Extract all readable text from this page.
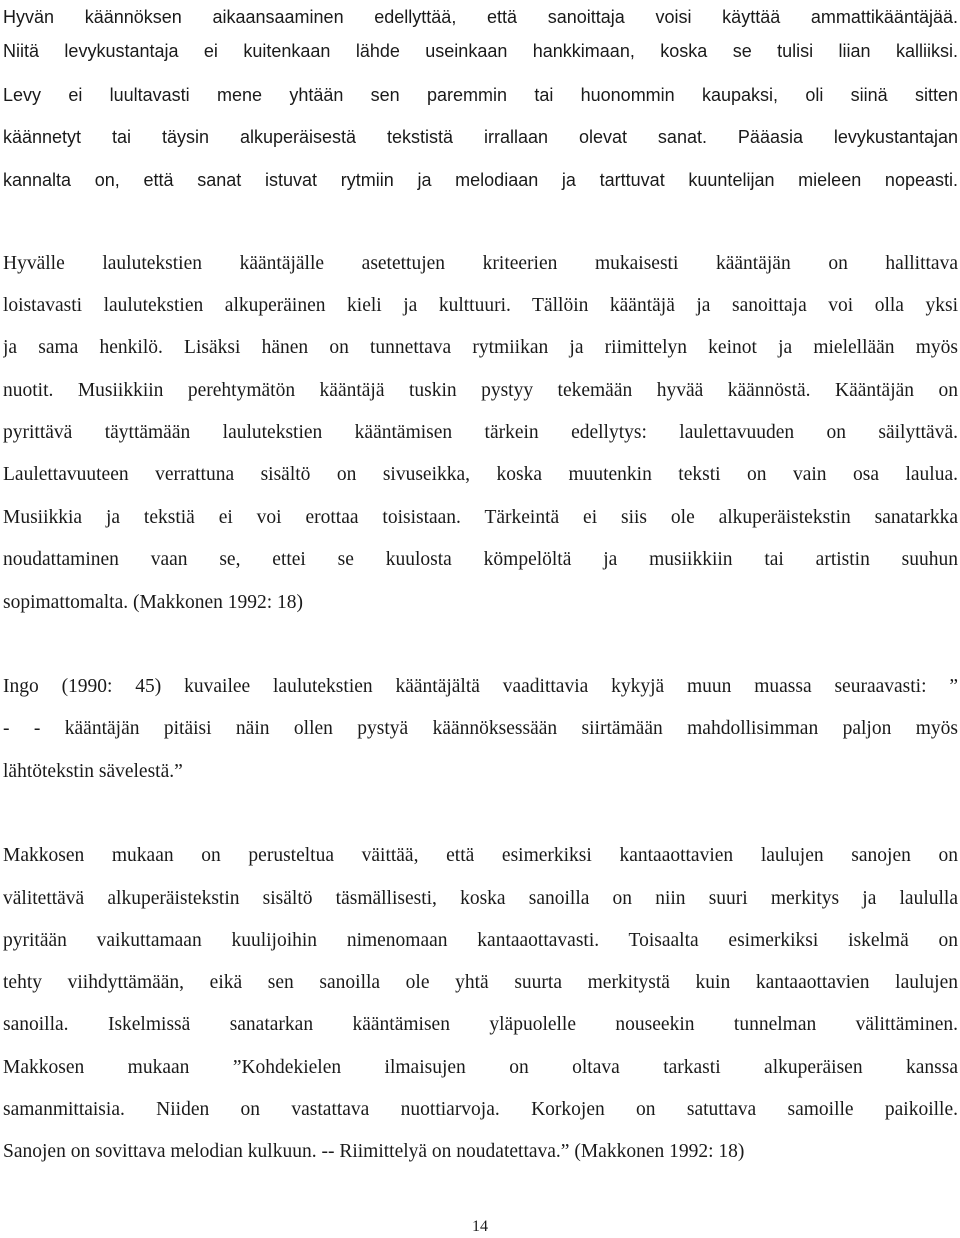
Hyvän käännöksen aikaansaaminen edellyttää, että sanoittaja voisi käyttää ammattikääntäjää.
Niitä levykustantaja ei kuitenkaan lähde useinkaan hankkimaan, koska se tulisi liian kalliiksi.
Levy ei luultavasti mene yhtään sen paremmin tai huonommin kaupaksi, oli siinä sitten
käännetyt tai täysin alkuperäisestä tekstistä irrallaan olevat sanat. Pääasia levykustantajan
kannalta on, että sanat istuvat rytmiin ja melodiaan ja tarttuvat kuuntelijan mieleen nopeasti.
Hyvälle laulutekstien kääntäjälle asetettujen kriteerien mukaisesti kääntäjän on hallittava
loistavasti laulutekstien alkuperäinen kieli ja kulttuuri. Tällöin kääntäjä ja sanoittaja voi olla yksi
ja sama henkilö. Lisäksi hänen on tunnettava rytmiikan ja riimittelyn keinot ja mielellään myös
nuotit. Musiikkiin perehtymätön kääntäjä tuskin pystyy tekemään hyvää käännöstä. Kääntäjän on
pyrittävä täyttämään laulutekstien kääntämisen tärkein edellytys: laulettavuuden on säilyttävä.
Laulettavuuteen verrattuna sisältö on sivuseikka, koska muutenkin teksti on vain osa laulua.
Musiikkia ja tekstiä ei voi erottaa toisistaan. Tärkeintä ei siis ole alkuperäistekstin sanatarkka
noudattaminen vaan se, ettei se kuulosta kömpelöltä ja musiikkiin tai artistin suuhun
sopimattomalta. (Makkonen 1992: 18)
Ingo (1990: 45) kuvailee laulutekstien kääntäjältä vaadittavia kykyjä muun muassa seuraavasti: ”
- - kääntäjän pitäisi näin ollen pystyä käännöksessään siirtämään mahdollisimman paljon myös
lähtötekstin sävelestä.”
Makkosen mukaan on perusteltua väittää, että esimerkiksi kantaaottavien laulujen sanojen on
välitettävä alkuperäistekstin sisältö täsmällisesti, koska sanoilla on niin suuri merkitys ja laululla
pyritään vaikuttamaan kuulijoihin nimenomaan kantaaottavasti. Toisaalta esimerkiksi iskelmä on
tehty viihdyttämään, eikä sen sanoilla ole yhtä suurta merkitystä kuin kantaaottavien laulujen
sanoilla. Iskelmissä sanatarkan kääntämisen yläpuolelle nouseekin tunnelman välittäminen.
Makkosen mukaan ”Kohdekielen ilmaisujen on oltava tarkasti alkuperäisen kanssa
samanmittaisia. Niiden on vastattava nuottiarvoja. Korkojen on satuttava samoille paikoille.
Sanojen on sovittava melodian kulkuun. -- Riimittelyä on noudatettava.” (Makkonen 1992: 18)
14
